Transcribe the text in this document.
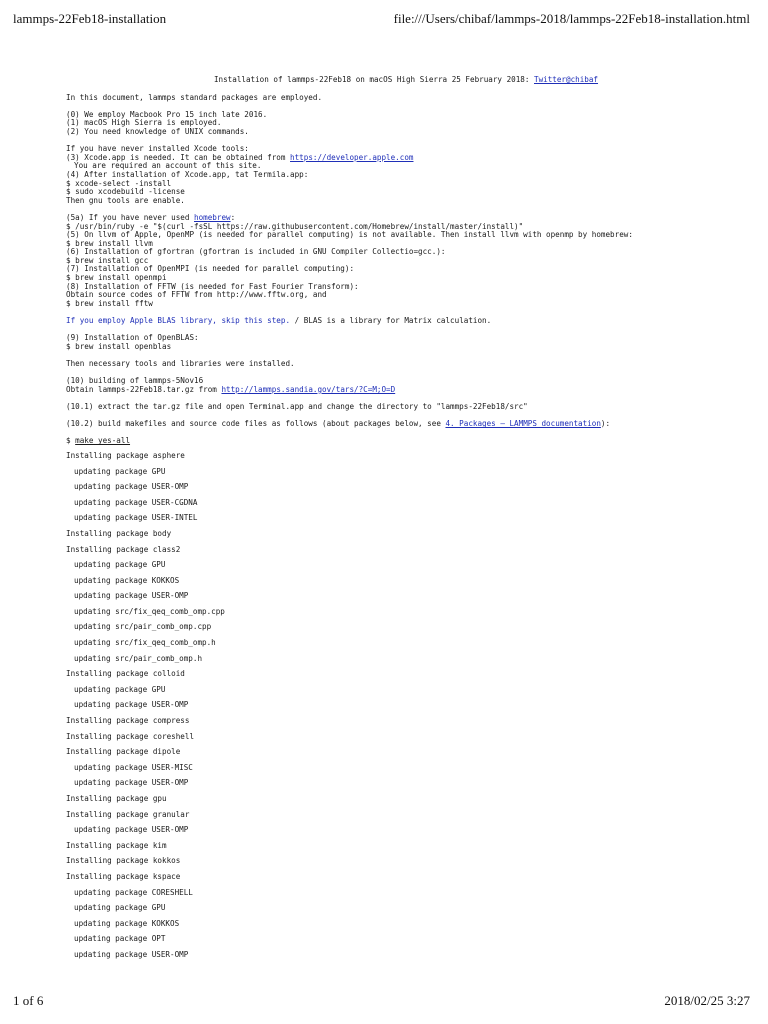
lammps-22Feb18-installation	file:///Users/chibaf/lammps-2018/lammps-22Feb18-installation.html
Installation of lammps-22Feb18 on macOS High Sierra 25 February 2018: Twitter@chibaf
In this document, lammps standard packages are employed.
(0) We employ Macbook Pro 15 inch late 2016.
(1) macOS High Sierra is employed.
(2) You need knowledge of UNIX commands.
If you have never installed Xcode tools:
(3) Xcode.app is needed. It can be obtained from https://developer.apple.com
You are required an account of this site.
(4) After installation of Xcode.app, tat Termila.app:
$ xcode-select -install
$ sudo xcodebuild -license
Then gnu tools are enable.
(5a) If you have never used homebrew:
$ /usr/bin/ruby -e "$(curl -fsSL https://raw.githubusercontent.com/Homebrew/install/master/install)"
(5) On llvm of Apple, OpenMP (is needed for parallel computing) is not available. Then install llvm with openmp by homebrew:
$ brew install llvm
(6) Installation of gfortran (gfortran is included in GNU Compiler Collectio=gcc.):
$ brew install gcc
(7) Installation of OpenMPI (is needed for parallel computing):
$ brew install openmpi
(8) Installation of FFTW (is needed for Fast Fourier Transform):
Obtain source codes of FFTW from http://www.fftw.org, and
$ brew install fftw
If you employ Apple BLAS library, skip this step. / BLAS is a library for Matrix calculation.
(9) Installation of OpenBLAS:
$ brew install openblas
Then necessary tools and libraries were installed.
(10) building of lammps-5Nov16
Obtain lammps-22Feb18.tar.gz from http://lammps.sandia.gov/tars/?C=M;O=D
(10.1) extract the tar.gz file and open Terminal.app and change the directory to "lammps-22Feb18/src"
(10.2) build makefiles and source code files as follows (about packages below, see 4. Packages — LAMMPS documentation):
$ make yes-all
Installing package asphere
updating package GPU
updating package USER-OMP
updating package USER-CGDNA
updating package USER-INTEL
Installing package body
Installing package class2
updating package GPU
updating package KOKKOS
updating package USER-OMP
updating src/fix_qeq_comb_omp.cpp
updating src/pair_comb_omp.cpp
updating src/fix_qeq_comb_omp.h
updating src/pair_comb_omp.h
Installing package colloid
updating package GPU
updating package USER-OMP
Installing package compress
Installing package coreshell
Installing package dipole
updating package USER-MISC
updating package USER-OMP
Installing package gpu
Installing package granular
updating package USER-OMP
Installing package kim
Installing package kokkos
Installing package kspace
updating package CORESHELL
updating package GPU
updating package KOKKOS
updating package OPT
updating package USER-OMP
1 of 6	2018/02/25 3:27
